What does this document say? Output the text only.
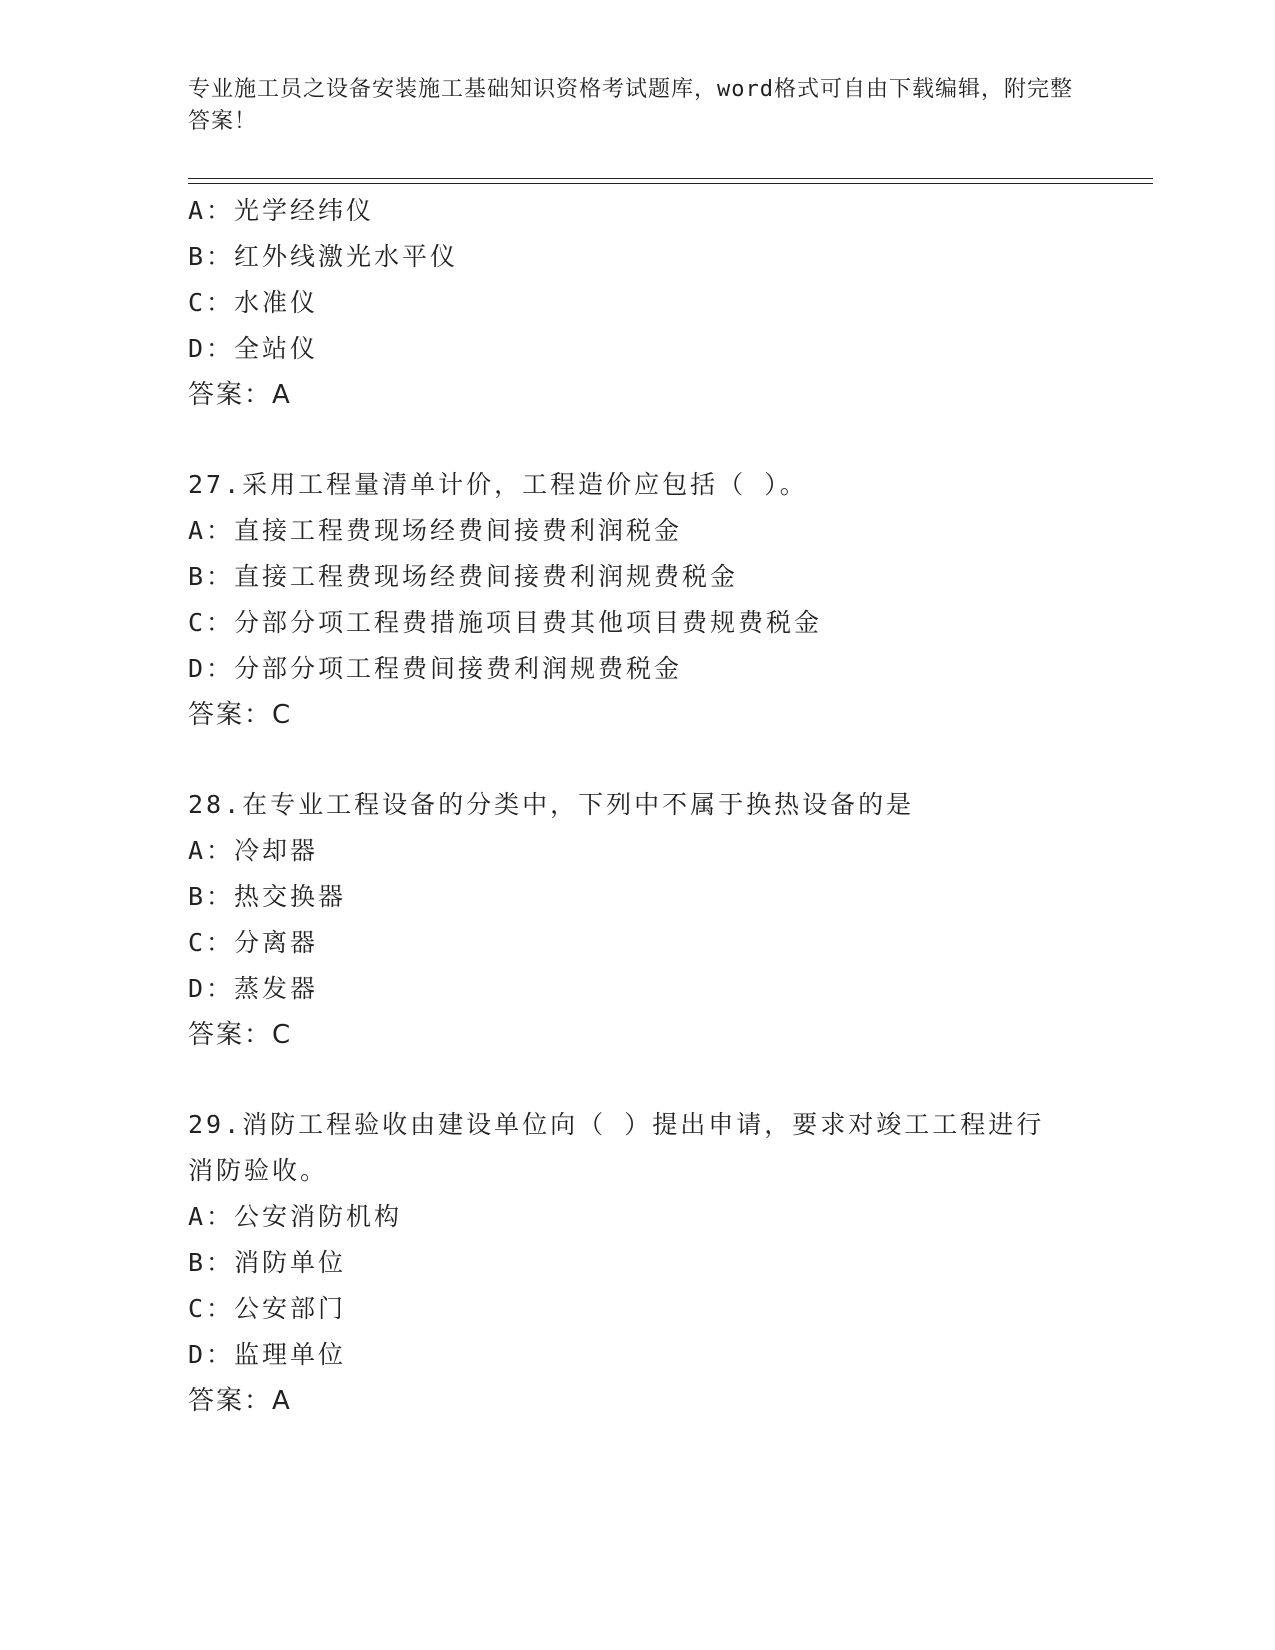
专业施工员之设备安装施工基础知识资格考试题库，word格式可自由下载编辑，附完整答案！
A：光学经纬仪
B：红外线激光水平仪
C：水准仪
D：全站仪
答案：A
27.采用工程量清单计价，工程造价应包括（ ）。
A：直接工程费现场经费间接费利润税金
B：直接工程费现场经费间接费利润规费税金
C：分部分项工程费措施项目费其他项目费规费税金
D：分部分项工程费间接费利润规费税金
答案：C
28.在专业工程设备的分类中，下列中不属于换热设备的是
A：冷却器
B：热交换器
C：分离器
D：蒸发器
答案：C
29.消防工程验收由建设单位向（ ）提出申请，要求对竣工工程进行消防验收。
A：公安消防机构
B：消防单位
C：公安部门
D：监理单位
答案：A
